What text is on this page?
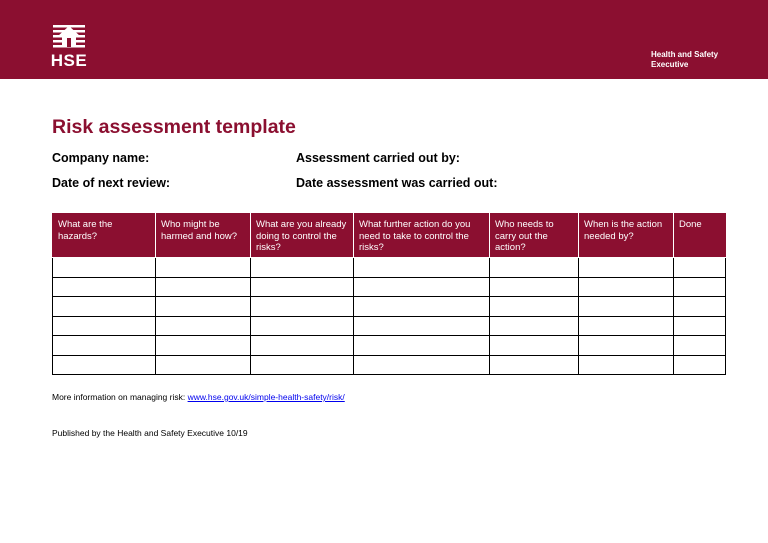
HSE	Health and Safety
Executive
Risk assessment template
Company name:	Assessment carried out by:
Date of next review:	Date assessment was carried out:
What are the hazards?	Who might be harmed and how?	What are you already doing to control the risks?	What further action do you need to take to control the risks?	Who needs to carry out the action?	When is the action needed by?	Done

More information on managing risk: www.hse.gov.uk/simple-health-safety/risk/
Published by the Health and Safety Executive 10/19
